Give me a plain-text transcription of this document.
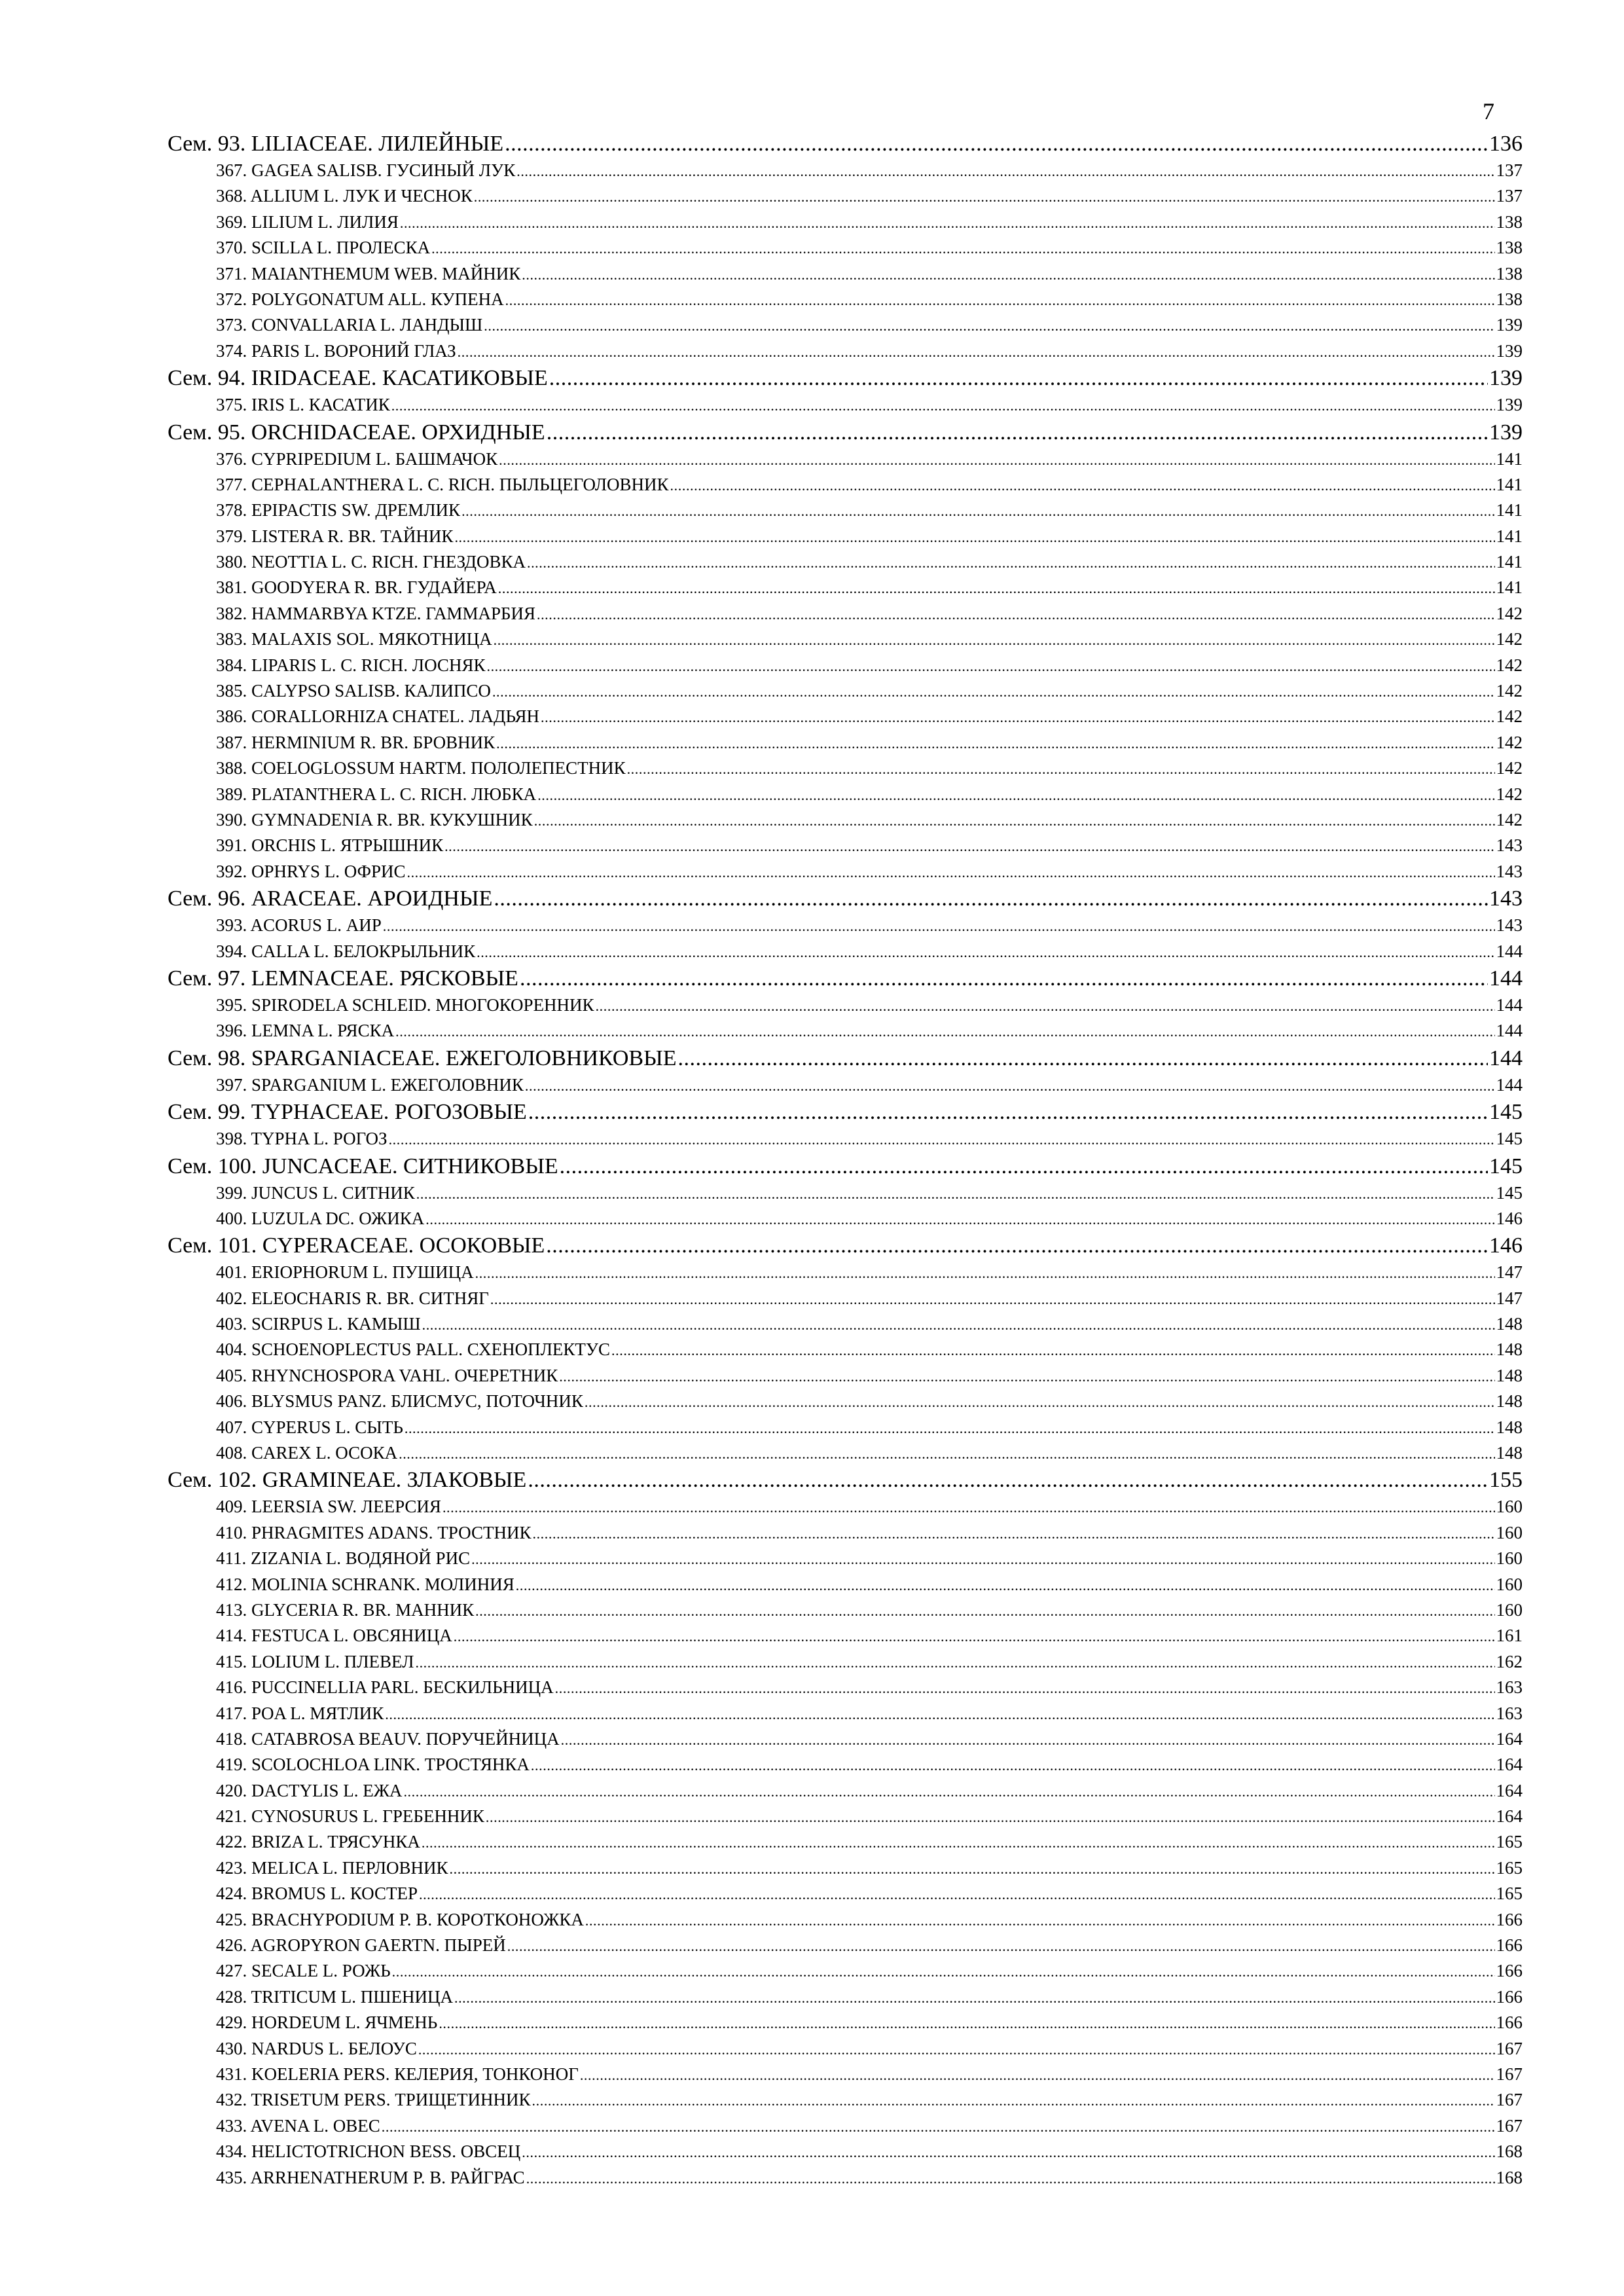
7
Сем. 93. LILIACEAE. ЛИЛЕЙНЫЕ .....	136
367. GAGEA SALISB. ГУСИНЫЙ ЛУК .....	137
368. ALLIUM L. ЛУК И ЧЕСНОК .....	137
369. LILIUM L. ЛИЛИЯ .....	138
370. SCILLA L. ПРОЛЕСКА .....	138
371. MAIANTHEMUM WEB. МАЙНИК .....	138
372. POLYGONATUM ALL. КУПЕНА .....	138
373. CONVALLARIA L. ЛАНДЫШ .....	139
374. PARIS L. ВОРОНИЙ ГЛАЗ .....	139
Сем. 94. IRIDACEAE. КАСАТИКОВЫЕ .....	139
375. IRIS L. КАСАТИК .....	139
Сем. 95. ORCHIDACEAE. ОРХИДНЫЕ .....	139
376. CYPRIPEDIUM L. БАШМАЧОК .....	141
377. CEPHALANTHERA L. C. RICH. ПЫЛЬЦЕГОЛОВНИК .....	141
378. EPIPACTIS SW. ДРЕМЛИК .....	141
379. LISTERA R. BR. ТАЙНИК .....	141
380. NEOTTIA L. C. RICH. ГНЕЗДОВКА .....	141
381. GOODYERA R. BR. ГУДАЙЕРА .....	141
382. HAMMARBYA KTZE. ГАММАРБИЯ .....	142
383. MALAXIS SOL. МЯКОТНИЦА .....	142
384. LIPARIS L. C. RICH. ЛОСНЯК .....	142
385. CALYPSO SALISB. КАЛИПСО .....	142
386. CORALLORHIZA CHATEL. ЛАДЬЯН .....	142
387. HERMINIUM R. BR. БРОВНИК .....	142
388. COELOGLOSSUM HARTM. ПОЛОЛЕПЕСТНИК .....	142
389. PLATANTHERA L. C. RICH. ЛЮБКА .....	142
390. GYMNADENIA R. BR. КУКУШНИК .....	142
391. ORCHIS L. ЯТРЫШНИК .....	143
392. OPHRYS L. ОФРИС .....	143
Сем. 96. ARACEAE. АРОИДНЫЕ .....	143
393. ACORUS L. АИР .....	143
394. CALLA L. БЕЛОКРЫЛЬНИК .....	144
Сем. 97. LEMNACEAE. РЯСКОВЫЕ .....	144
395. SPIRODELA SCHLEID. МНОГОКОРЕННИК .....	144
396. LEMNA L. РЯСКА .....	144
Сем. 98. SPARGANIACEAE. ЕЖЕГОЛОВНИКОВЫЕ .....	144
397. SPARGANIUM L. ЕЖЕГОЛОВНИК .....	144
Сем. 99. TYPHACEAE. РОГОЗОВЫЕ .....	145
398. TYPHA L. РОГОЗ .....	145
Сем. 100. JUNCACEAE. СИТНИКОВЫЕ .....	145
399. JUNCUS L. СИТНИК .....	145
400. LUZULA DC. ОЖИКА .....	146
Сем. 101. CYPERACEAE. ОСОКОВЫЕ .....	146
401. ERIOPHORUM L. ПУШИЦА .....	147
402. ELEOCHARIS R. BR. СИТНЯГ .....	147
403. SCIRPUS L. КАМЫШ .....	148
404. SCHOENOPLECTUS PALL. СХЕНОПЛЕКТУС .....	148
405. RHYNCHOSPORA VAHL. ОЧЕРЕТНИК .....	148
406. BLYSMUS PANZ. БЛИСМУС, ПОТОЧНИК .....	148
407. CYPERUS L. СЫТЬ .....	148
408. CAREX L. ОСОКА .....	148
Сем. 102. GRAMINEAE. ЗЛАКОВЫЕ .....	155
409. LEERSIA SW. ЛЕЕРСИЯ .....	160
410. PHRAGMITES ADANS. ТРОСТНИК .....	160
411. ZIZANIA L. ВОДЯНОЙ РИС .....	160
412. MOLINIA SCHRANK. МОЛИНИЯ .....	160
413. GLYCERIA R. BR. МАННИК .....	160
414. FESTUCA L. ОВСЯНИЦА .....	161
415. LOLIUM L. ПЛЕВЕЛ .....	162
416. PUCCINELLIA PARL. БЕСКИЛЬНИЦА .....	163
417. POA L. МЯТЛИК .....	163
418. CATABROSA BEAUV. ПОРУЧЕЙНИЦА .....	164
419. SCOLOCHLOA LINK. ТРОСТЯНКА .....	164
420. DACTYLIS L. ЕЖА .....	164
421. CYNOSURUS L. ГРЕБЕННИК .....	164
422. BRIZA L. ТРЯСУНКА .....	165
423. MELICA L. ПЕРЛОВНИК .....	165
424. BROMUS L. КОСТЕР .....	165
425. BRACHYPODIUM P. B. КОРОТКОНОЖКА .....	166
426. AGROPYRON GAERTN. ПЫРЕЙ .....	166
427. SECALE L. РОЖЬ .....	166
428. TRITICUM L. ПШЕНИЦА .....	166
429. HORDEUM L. ЯЧМЕНЬ .....	166
430. NARDUS L. БЕЛОУС .....	167
431. KOELERIA PERS. КЕЛЕРИЯ, ТОНКОНОГ .....	167
432. TRISETUM PERS. ТРИЩЕТИННИК .....	167
433. AVENA L. ОВЕС .....	167
434. HELICTOTRICHON BESS. ОВСЕЦ .....	168
435. ARRHENATHERUM P. B. РАЙГРАС .....	168
